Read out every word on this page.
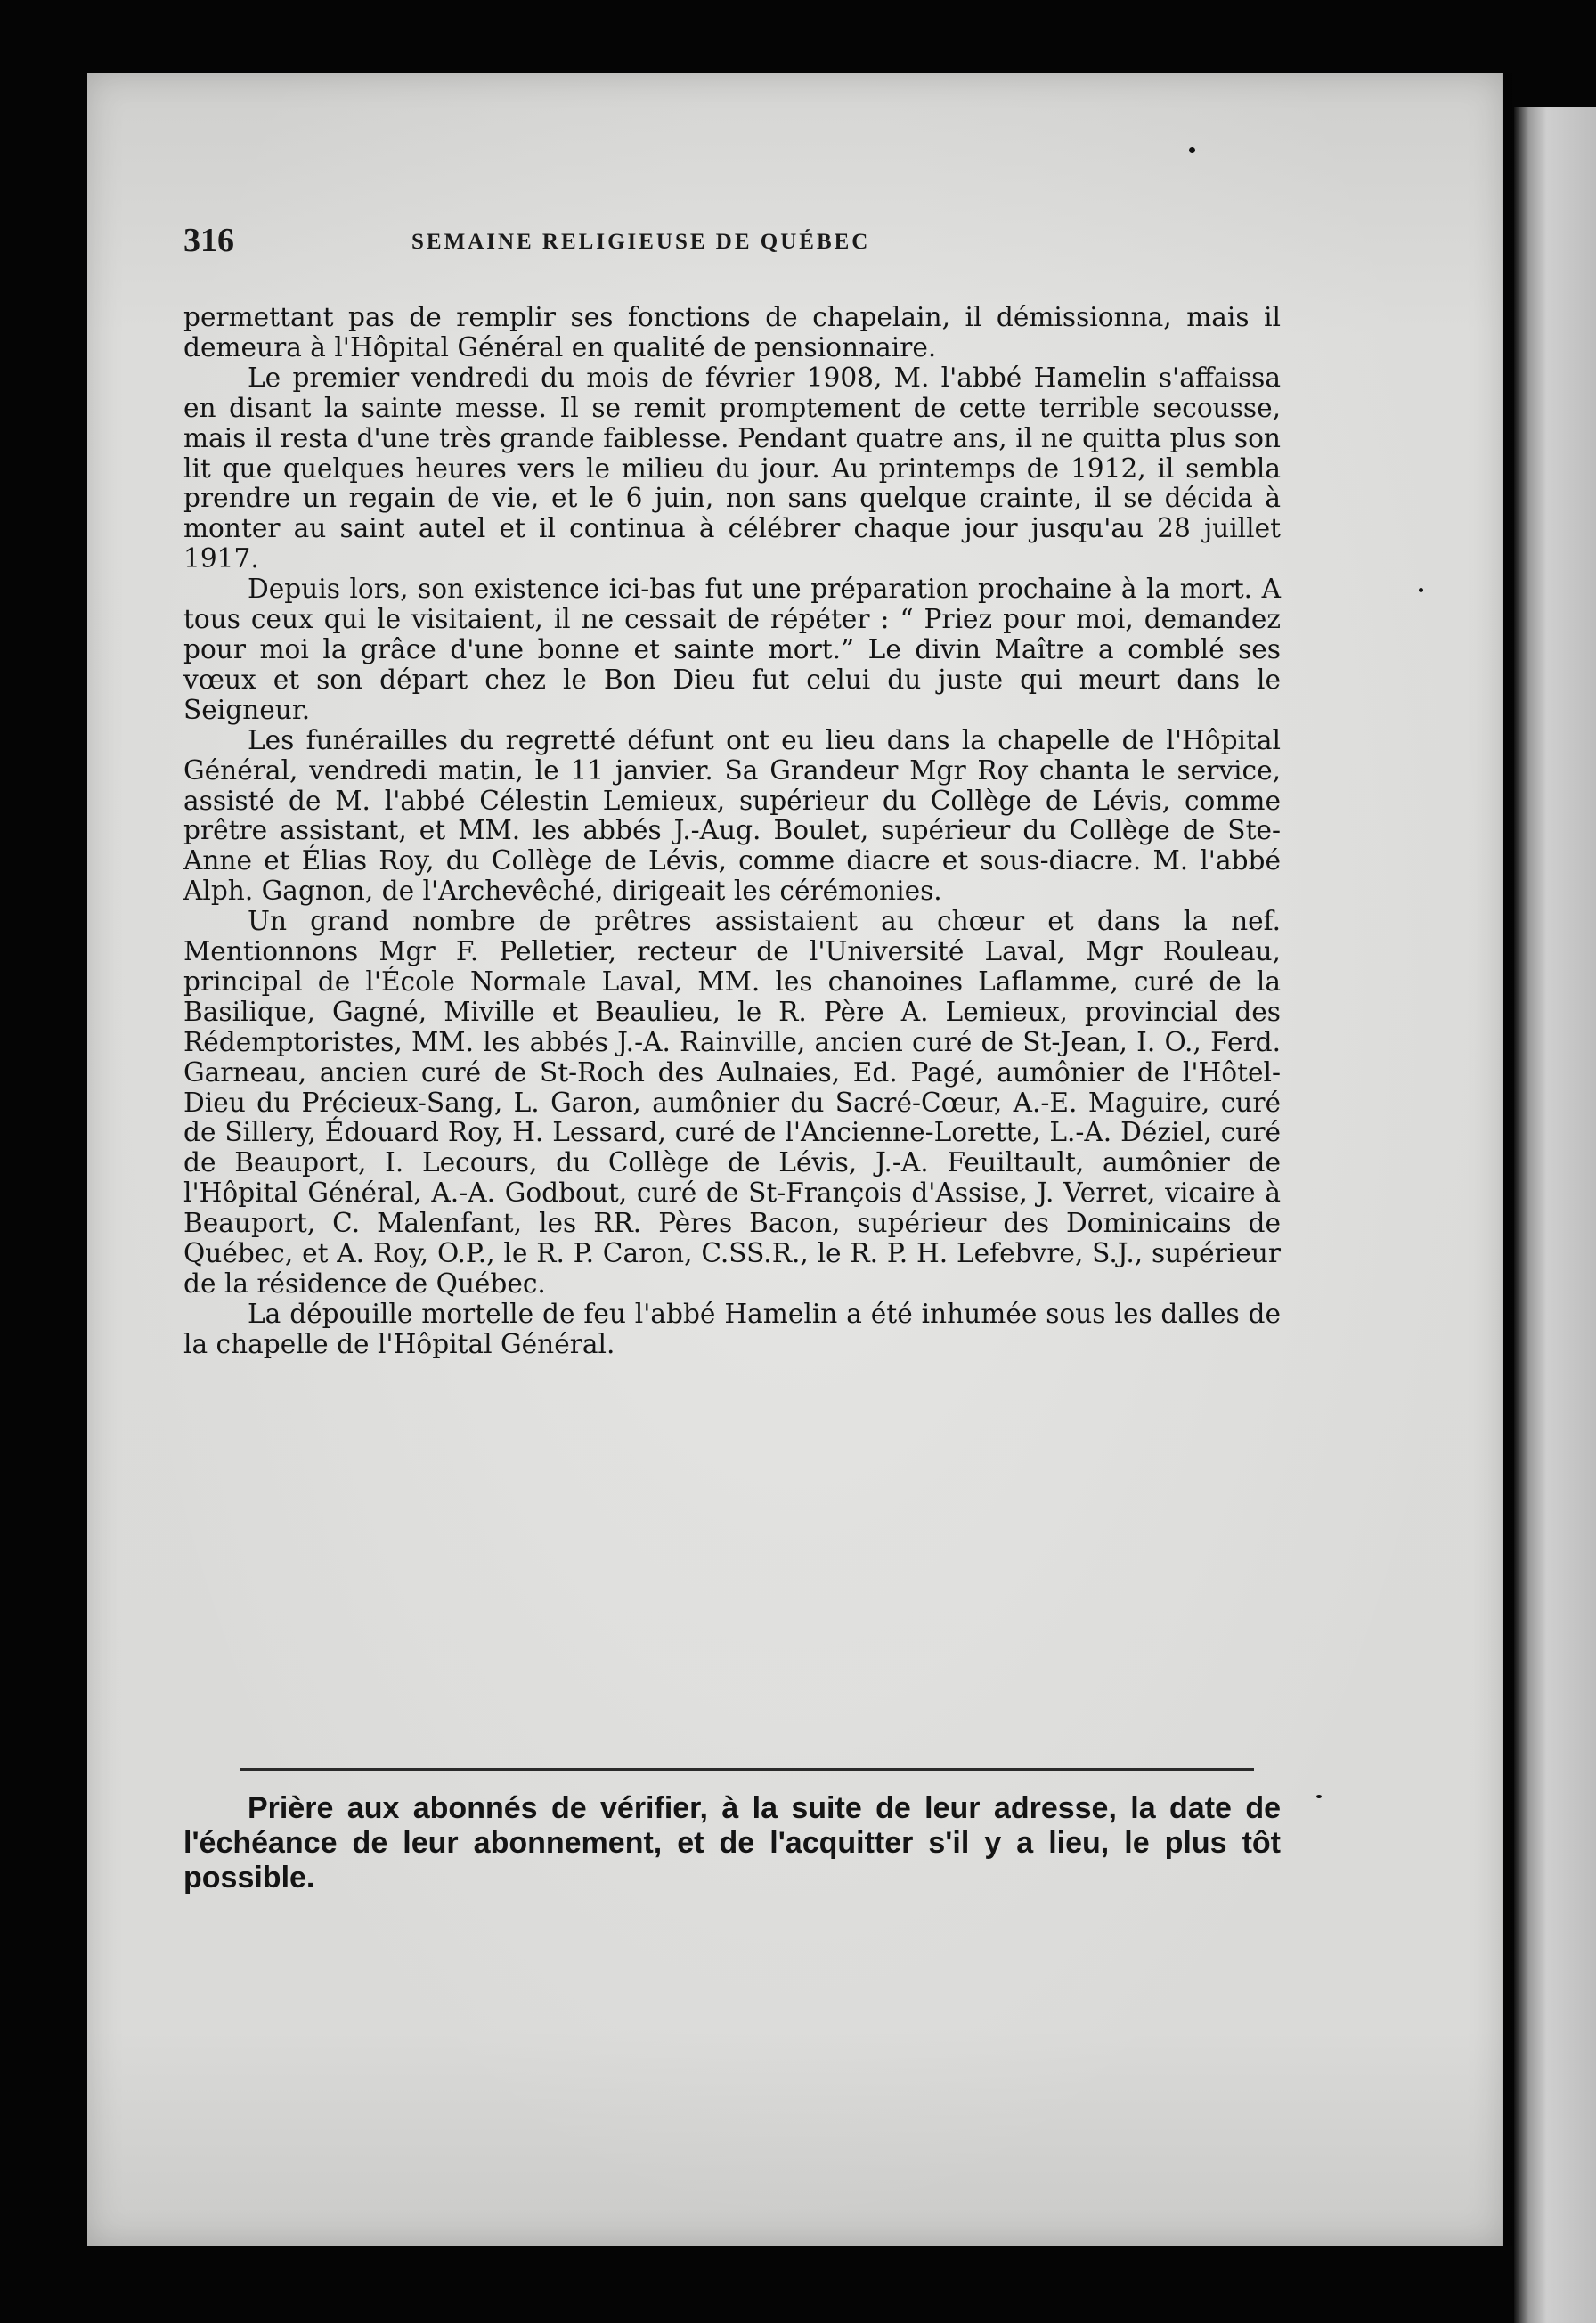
316	SEMAINE RELIGIEUSE DE QUÉBEC

permettant pas de remplir ses fonctions de chapelain, il démissionna, mais il demeura à l'Hôpital Général en qualité de pensionnaire.

Le premier vendredi du mois de février 1908, M. l'abbé Hamelin s'affaissa en disant la sainte messe. Il se remit promptement de cette terrible secousse, mais il resta d'une très grande faiblesse. Pendant quatre ans, il ne quitta plus son lit que quelques heures vers le milieu du jour. Au printemps de 1912, il sembla prendre un regain de vie, et le 6 juin, non sans quelque crainte, il se décida à monter au saint autel et il continua à célébrer chaque jour jusqu'au 28 juillet 1917.

Depuis lors, son existence ici-bas fut une préparation prochaine à la mort. A tous ceux qui le visitaient, il ne cessait de répéter : “ Priez pour moi, demandez pour moi la grâce d'une bonne et sainte mort.” Le divin Maître a comblé ses vœux et son départ chez le Bon Dieu fut celui du juste qui meurt dans le Seigneur.

Les funérailles du regretté défunt ont eu lieu dans la chapelle de l'Hôpital Général, vendredi matin, le 11 janvier. Sa Grandeur Mgr Roy chanta le service, assisté de M. l'abbé Célestin Lemieux, supérieur du Collège de Lévis, comme prêtre assistant, et MM. les abbés J.-Aug. Boulet, supérieur du Collège de Ste-Anne et Élias Roy, du Collège de Lévis, comme diacre et sous-diacre. M. l'abbé Alph. Gagnon, de l'Archevêché, dirigeait les cérémonies.

Un grand nombre de prêtres assistaient au chœur et dans la nef. Mentionnons Mgr F. Pelletier, recteur de l'Université Laval, Mgr Rouleau, principal de l'École Normale Laval, MM. les chanoines Laflamme, curé de la Basilique, Gagné, Miville et Beaulieu, le R. Père A. Lemieux, provincial des Rédemptoristes, MM. les abbés J.-A. Rainville, ancien curé de St-Jean, I. O., Ferd. Garneau, ancien curé de St-Roch des Aulnaies, Ed. Pagé, aumônier de l'Hôtel-Dieu du Précieux-Sang, L. Garon, aumônier du Sacré-Cœur, A.-E. Maguire, curé de Sillery, Édouard Roy, H. Lessard, curé de l'Ancienne-Lorette, L.-A. Déziel, curé de Beauport, I. Lecours, du Collège de Lévis, J.-A. Feuiltault, aumônier de l'Hôpital Général, A.-A. Godbout, curé de St-François d'Assise, J. Verret, vicaire à Beauport, C. Malenfant, les RR. Pères Bacon, supérieur des Dominicains de Québec, et A. Roy, O.P., le R. P. Caron, C.SS.R., le R. P. H. Lefebvre, S.J., supérieur de la résidence de Québec.

La dépouille mortelle de feu l'abbé Hamelin a été inhumée sous les dalles de la chapelle de l'Hôpital Général.

Prière aux abonnés de vérifier, à la suite de leur adresse, la date de l'échéance de leur abonnement, et de l'acquitter s'il y a lieu, le plus tôt possible.
